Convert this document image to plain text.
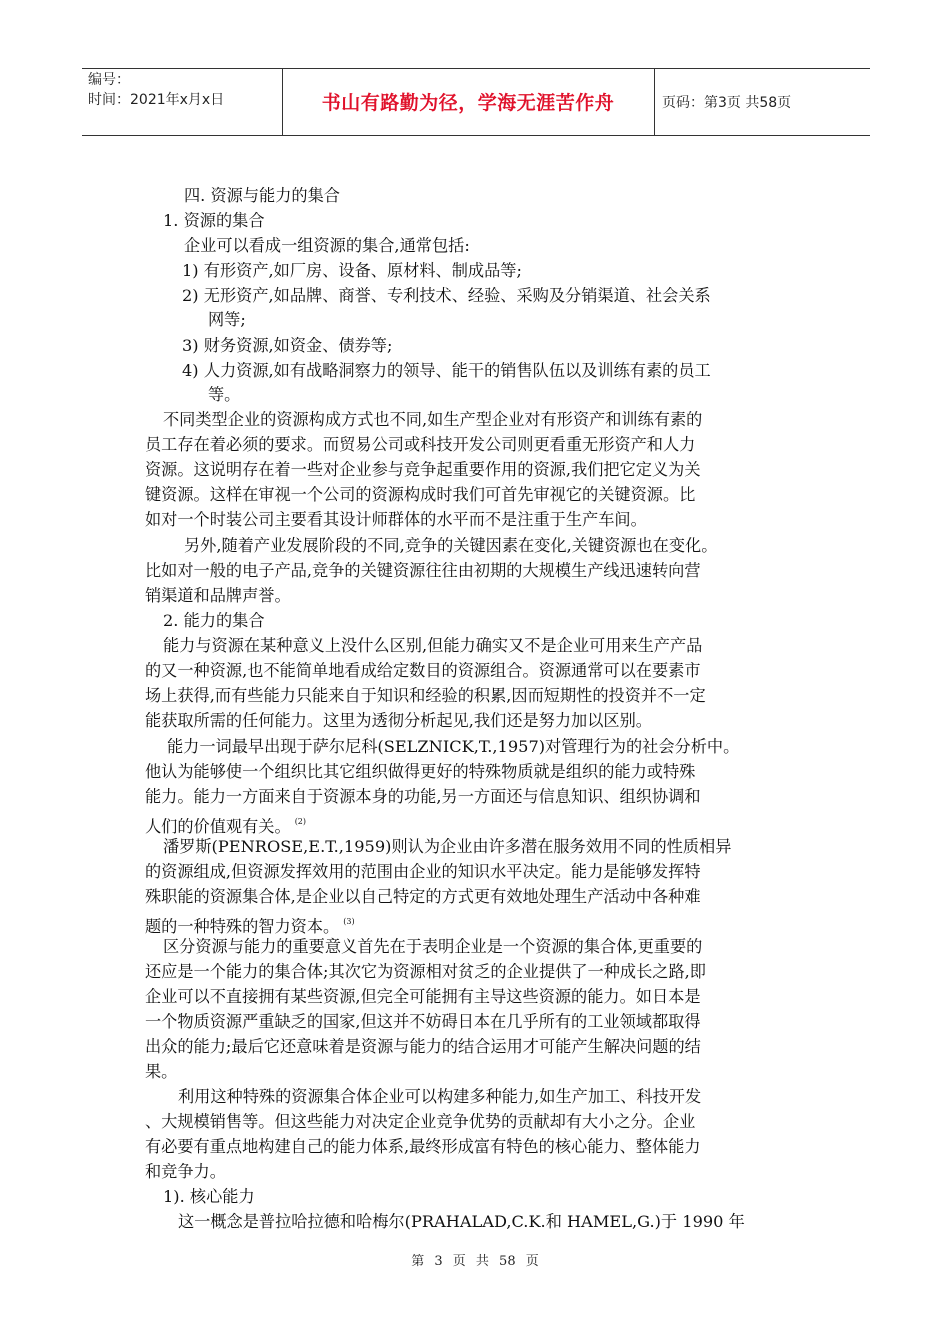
编号：
时间：2021年x月x日	书山有路勤为径，学海无涯苦作舟	页码：第3页 共58页
四. 资源与能力的集合
1. 资源的集合
企业可以看成一组资源的集合,通常包括:
1) 有形资产,如厂房、设备、原材料、制成品等;
2) 无形资产,如品牌、商誉、专利技术、经验、采购及分销渠道、社会关系
网等;
3) 财务资源,如资金、债券等;
4) 人力资源,如有战略洞察力的领导、能干的销售队伍以及训练有素的员工
等。
不同类型企业的资源构成方式也不同,如生产型企业对有形资产和训练有素的
员工存在着必须的要求。而贸易公司或科技开发公司则更看重无形资产和人力
资源。这说明存在着一些对企业参与竞争起重要作用的资源,我们把它定义为关
键资源。这样在审视一个公司的资源构成时我们可首先审视它的关键资源。比
如对一个时装公司主要看其设计师群体的水平而不是注重于生产车间。
另外,随着产业发展阶段的不同,竞争的关键因素在变化,关键资源也在变化。
比如对一般的电子产品,竞争的关键资源往往由初期的大规模生产线迅速转向营
销渠道和品牌声誉。
2. 能力的集合
能力与资源在某种意义上没什么区别,但能力确实又不是企业可用来生产产品
的又一种资源,也不能简单地看成给定数目的资源组合。资源通常可以在要素市
场上获得,而有些能力只能来自于知识和经验的积累,因而短期性的投资并不一定
能获取所需的任何能力。这里为透彻分析起见,我们还是努力加以区别。
能力一词最早出现于萨尔尼科(SELZNICK,T.,1957)对管理行为的社会分析中。
他认为能够使一个组织比其它组织做得更好的特殊物质就是组织的能力或特殊
能力。能力一方面来自于资源本身的功能,另一方面还与信息知识、组织协调和
人们的价值观有关。 $^{(2)}$
潘罗斯(PENROSE,E.T.,1959)则认为企业由许多潜在服务效用不同的性质相异
的资源组成,但资源发挥效用的范围由企业的知识水平决定。能力是能够发挥特
殊职能的资源集合体,是企业以自己特定的方式更有效地处理生产活动中各种难
题的一种特殊的智力资本。 $^{(3)}$
区分资源与能力的重要意义首先在于表明企业是一个资源的集合体,更重要的
还应是一个能力的集合体;其次它为资源相对贫乏的企业提供了一种成长之路,即
企业可以不直接拥有某些资源,但完全可能拥有主导这些资源的能力。如日本是
一个物质资源严重缺乏的国家,但这并不妨碍日本在几乎所有的工业领域都取得
出众的能力;最后它还意味着是资源与能力的结合运用才可能产生解决问题的结
果。
利用这种特殊的资源集合体企业可以构建多种能力,如生产加工、科技开发
、大规模销售等。但这些能力对决定企业竞争优势的贡献却有大小之分。企业
有必要有重点地构建自己的能力体系,最终形成富有特色的核心能力、整体能力
和竞争力。
1). 核心能力
这一概念是普拉哈拉德和哈梅尔(PRAHALAD,C.K.和 HAMEL,G.)于 1990 年
第 3 页 共 58 页
